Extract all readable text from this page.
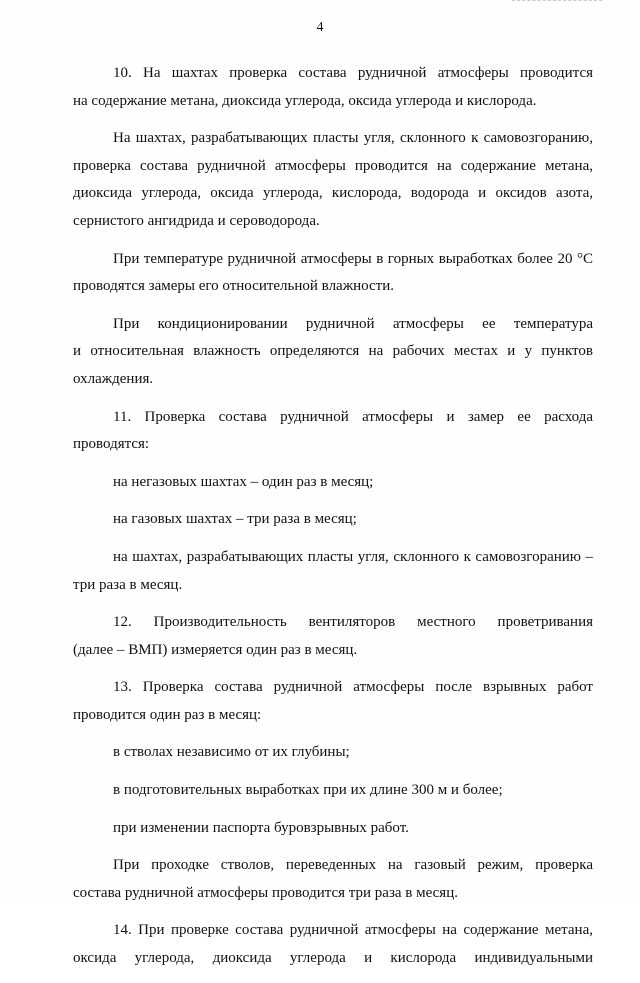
4
10. На шахтах проверка состава рудничной атмосферы проводится
на содержание метана, диоксида углерода, оксида углерода и кислорода.
На шахтах, разрабатывающих пласты угля, склонного к самовозгоранию,
проверка состава рудничной атмосферы проводится на содержание метана,
диоксида углерода, оксида углерода, кислорода, водорода и оксидов азота,
сернистого ангидрида и сероводорода.
При температуре рудничной атмосферы в горных выработках более 20 °C
проводятся замеры его относительной влажности.
При кондиционировании рудничной атмосферы ее температура
и относительная влажность определяются на рабочих местах и у пунктов
охлаждения.
11. Проверка состава рудничной атмосферы и замер ее расхода
проводятся:
на негазовых шахтах – один раз в месяц;
на газовых шахтах – три раза в месяц;
на шахтах, разрабатывающих пласты угля, склонного к самовозгоранию –
три раза в месяц.
12. Производительность вентиляторов местного проветривания
(далее – ВМП) измеряется один раз в месяц.
13. Проверка состава рудничной атмосферы после взрывных работ
проводится один раз в месяц:
в стволах независимо от их глубины;
в подготовительных выработках при их длине 300 м и более;
при изменении паспорта буровзрывных работ.
При проходке стволов, переведенных на газовый режим, проверка
состава рудничной атмосферы проводится три раза в месяц.
14. При проверке состава рудничной атмосферы на содержание метана,
оксида углерода, диоксида углерода и кислорода индивидуальными
